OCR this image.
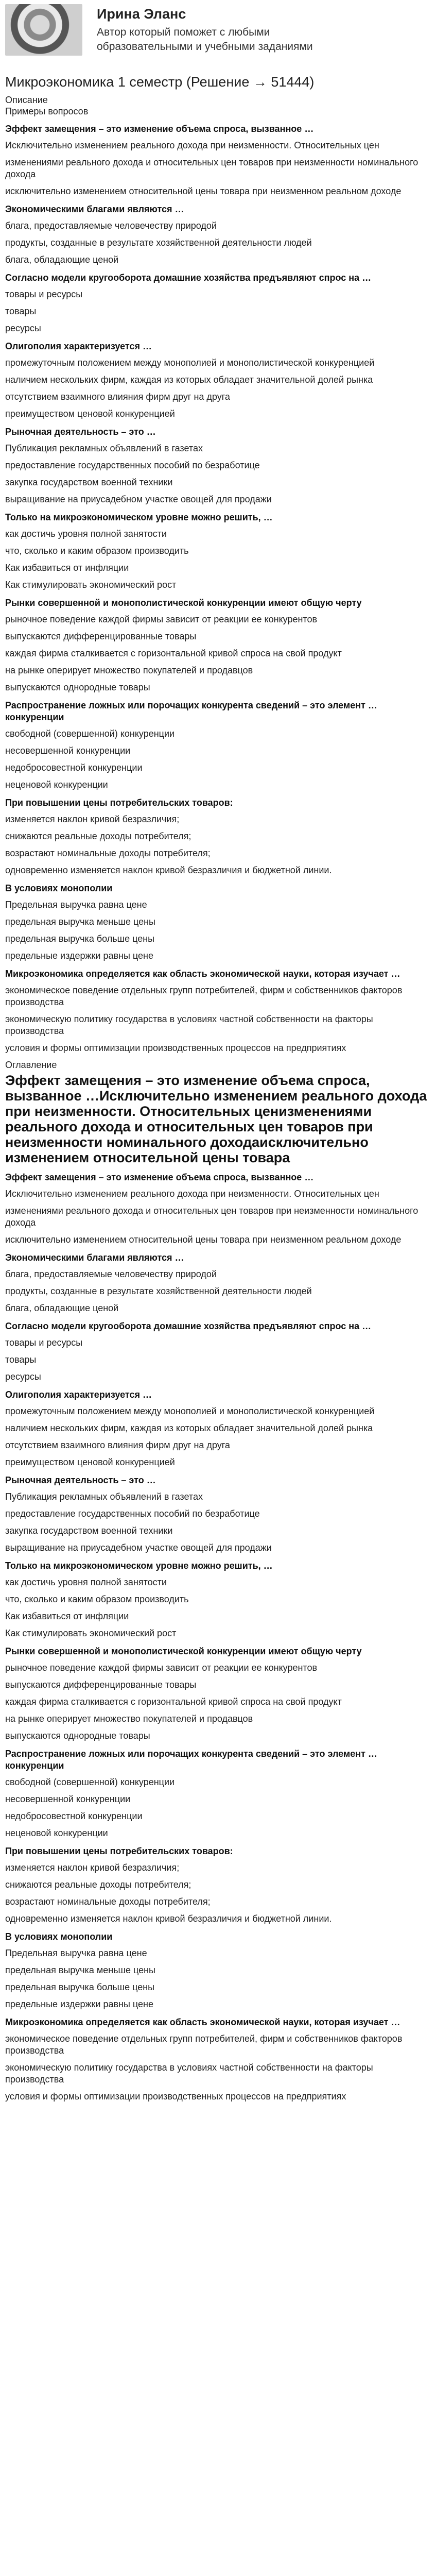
Ирина Эланс
Автор который поможет с любыми образовательными и учебными заданиями
Микроэкономика 1 семестр (Решение → 51444)

Описание

Примеры вопросов

Эффект замещения – это изменение объема спроса, вызванное …
Исключительно изменением реального дохода при неизменности. Относительных цен
изменениями реального дохода и относительных цен товаров при неизменности номинального дохода
исключительно изменением относительной цены товара при неизменном реальном доходе
Экономическими благами являются …
блага, предоставляемые человечеству природой
продукты, созданные в результате хозяйственной деятельности людей
блага, обладающие ценой
Согласно модели кругооборота домашние хозяйства предъявляют спрос на …
товары и ресурсы
товары
ресурсы
Олигополия характеризуется …
промежуточным положением между монополией и монополистической конкуренцией
наличием нескольких фирм, каждая из которых обладает значительной долей рынка
отсутствием взаимного влияния фирм друг на друга
преимуществом ценовой конкуренцией
Рыночная деятельность – это …
Публикация рекламных объявлений в газетах
предоставление государственных пособий по безработице
закупка государством военной техники
выращивание на приусадебном участке овощей для продажи
Только на микроэкономическом уровне можно решить, …
как достичь уровня полной занятости
что, сколько и каким образом производить
Как избавиться от инфляции
Как стимулировать экономический рост
Рынки совершенной и монополистической конкуренции имеют общую черту
рыночное поведение каждой фирмы зависит от реакции ее конкурентов
выпускаются дифференцированные товары
каждая фирма сталкивается с горизонтальной кривой спроса на свой продукт
на рынке оперирует множество покупателей и продавцов
выпускаются однородные товары
Распространение ложных или порочащих конкурента сведений – это элемент … конкуренции
свободной (совершенной) конкуренции
несовершенной конкуренции
недобросовестной конкуренции
неценовой конкуренции
При повышении цены потребительских товаров:
изменяется наклон кривой безразличия;
снижаются реальные доходы потребителя;
возрастают номинальные доходы потребителя;
одновременно изменяется наклон кривой безразличия и бюджетной линии.
В условиях монополии
Предельная выручка равна цене
предельная выручка меньше цены
предельная выручка больше цены
предельные издержки равны цене
Микроэкономика определяется как область экономической науки, которая изучает …
экономическое поведение отдельных групп потребителей, фирм и собственников факторов производства
экономическую политику государства в условиях частной собственности на факторы производства
условия и формы оптимизации производственных процессов на предприятиях

Оглавление

Эффект замещения – это изменение объема спроса, вызванное …Исключительно изменением реального дохода при неизменности. Относительных ценизменениями реального дохода и относительных цен товаров при неизменности номинального доходаисключительно изменением относительной цены товара
Эффект замещения – это изменение объема спроса, вызванное …
Исключительно изменением реального дохода при неизменности. Относительных цен
изменениями реального дохода и относительных цен товаров при неизменности номинального дохода
исключительно изменением относительной цены товара при неизменном реальном доходе
Экономическими благами являются …
блага, предоставляемые человечеству природой
продукты, созданные в результате хозяйственной деятельности людей
блага, обладающие ценой
Согласно модели кругооборота домашние хозяйства предъявляют спрос на …
товары и ресурсы
товары
ресурсы
Олигополия характеризуется …
промежуточным положением между монополией и монополистической конкуренцией
наличием нескольких фирм, каждая из которых обладает значительной долей рынка
отсутствием взаимного влияния фирм друг на друга
преимуществом ценовой конкуренцией
Рыночная деятельность – это …
Публикация рекламных объявлений в газетах
предоставление государственных пособий по безработице
закупка государством военной техники
выращивание на приусадебном участке овощей для продажи
Только на микроэкономическом уровне можно решить, …
как достичь уровня полной занятости
что, сколько и каким образом производить
Как избавиться от инфляции
Как стимулировать экономический рост
Рынки совершенной и монополистической конкуренции имеют общую черту
рыночное поведение каждой фирмы зависит от реакции ее конкурентов
выпускаются дифференцированные товары
каждая фирма сталкивается с горизонтальной кривой спроса на свой продукт
на рынке оперирует множество покупателей и продавцов
выпускаются однородные товары
Распространение ложных или порочащих конкурента сведений – это элемент … конкуренции
свободной (совершенной) конкуренции
несовершенной конкуренции
недобросовестной конкуренции
неценовой конкуренции
При повышении цены потребительских товаров:
изменяется наклон кривой безразличия;
снижаются реальные доходы потребителя;
возрастают номинальные доходы потребителя;
одновременно изменяется наклон кривой безразличия и бюджетной линии.
В условиях монополии
Предельная выручка равна цене
предельная выручка меньше цены
предельная выручка больше цены
предельные издержки равны цене
Микроэкономика определяется как область экономической науки, которая изучает …
экономическое поведение отдельных групп потребителей, фирм и собственников факторов производства
экономическую политику государства в условиях частной собственности на факторы производства
условия и формы оптимизации производственных процессов на предприятиях
